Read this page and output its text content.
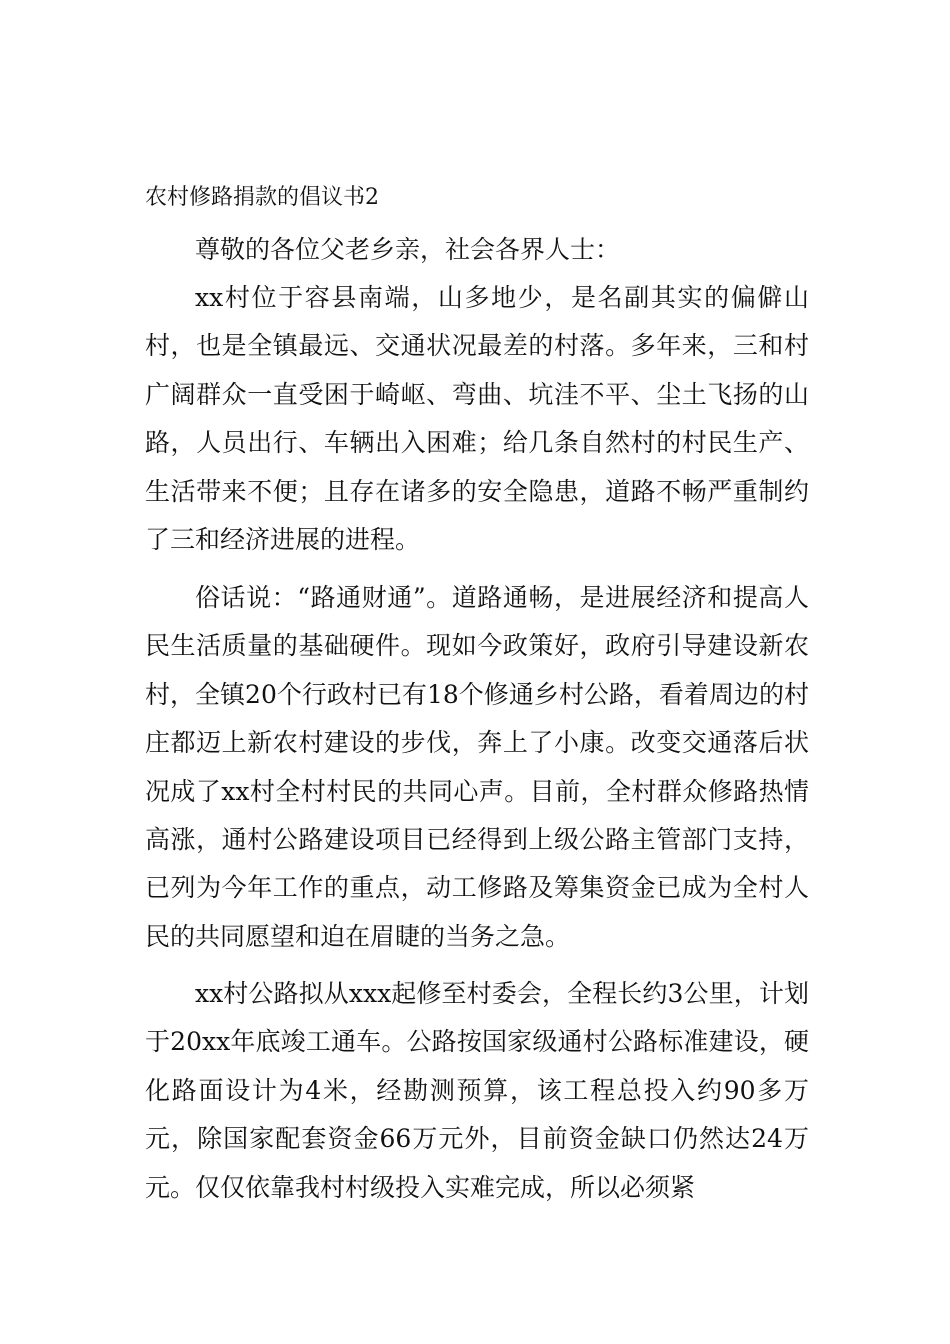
农村修路捐款的倡议书2

尊敬的各位父老乡亲，社会各界人士：

xx村位于容县南端，山多地少，是名副其实的偏僻山村，也是全镇最远、交通状况最差的村落。多年来，三和村广阔群众一直受困于崎岖、弯曲、坑洼不平、尘土飞扬的山路，人员出行、车辆出入困难；给几条自然村的村民生产、生活带来不便；且存在诸多的安全隐患，道路不畅严重制约了三和经济进展的进程。

俗话说：“路通财通”。道路通畅，是进展经济和提高人民生活质量的基础硬件。现如今政策好，政府引导建设新农村，全镇20个行政村已有18个修通乡村公路，看着周边的村庄都迈上新农村建设的步伐，奔上了小康。改变交通落后状况成了xx村全村村民的共同心声。目前，全村群众修路热情高涨，通村公路建设项目已经得到上级公路主管部门支持，已列为今年工作的重点，动工修路及筹集资金已成为全村人民的共同愿望和迫在眉睫的当务之急。

xx村公路拟从xxx起修至村委会，全程长约3公里，计划于20xx年底竣工通车。公路按国家级通村公路标准建设，硬化路面设计为4米，经勘测预算，该工程总投入约90多万元，除国家配套资金66万元外，目前资金缺口仍然达24万元。仅仅依靠我村村级投入实难完成，所以必须紧
